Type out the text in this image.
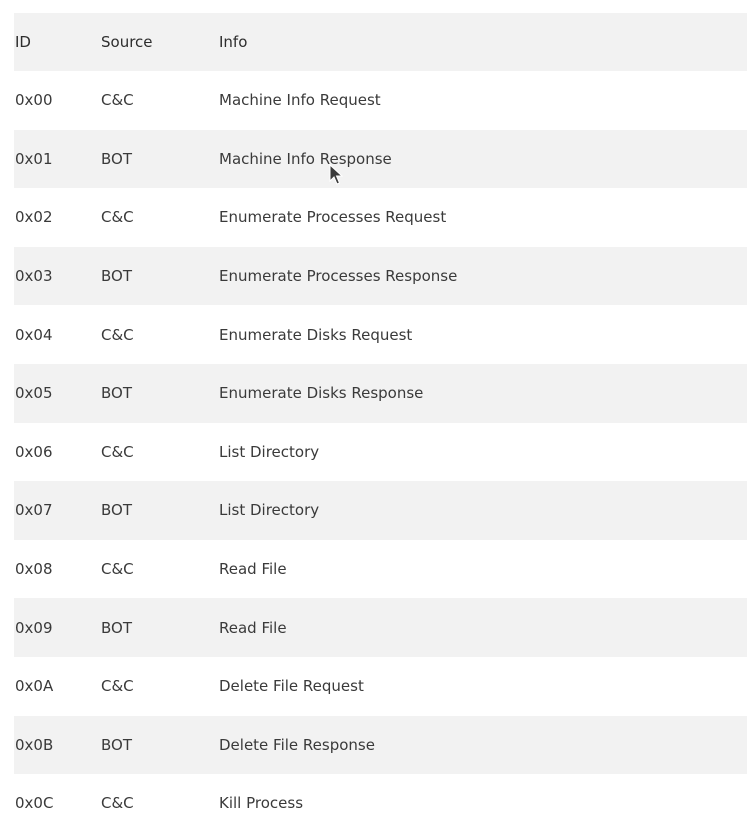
ID	Source	Info
0x00	C&C	Machine Info Request
0x01	BOT	Machine Info Response
0x02	C&C	Enumerate Processes Request
0x03	BOT	Enumerate Processes Response
0x04	C&C	Enumerate Disks Request
0x05	BOT	Enumerate Disks Response
0x06	C&C	List Directory
0x07	BOT	List Directory
0x08	C&C	Read File
0x09	BOT	Read File
0x0A	C&C	Delete File Request
0x0B	BOT	Delete File Response
0x0C	C&C	Kill Process
